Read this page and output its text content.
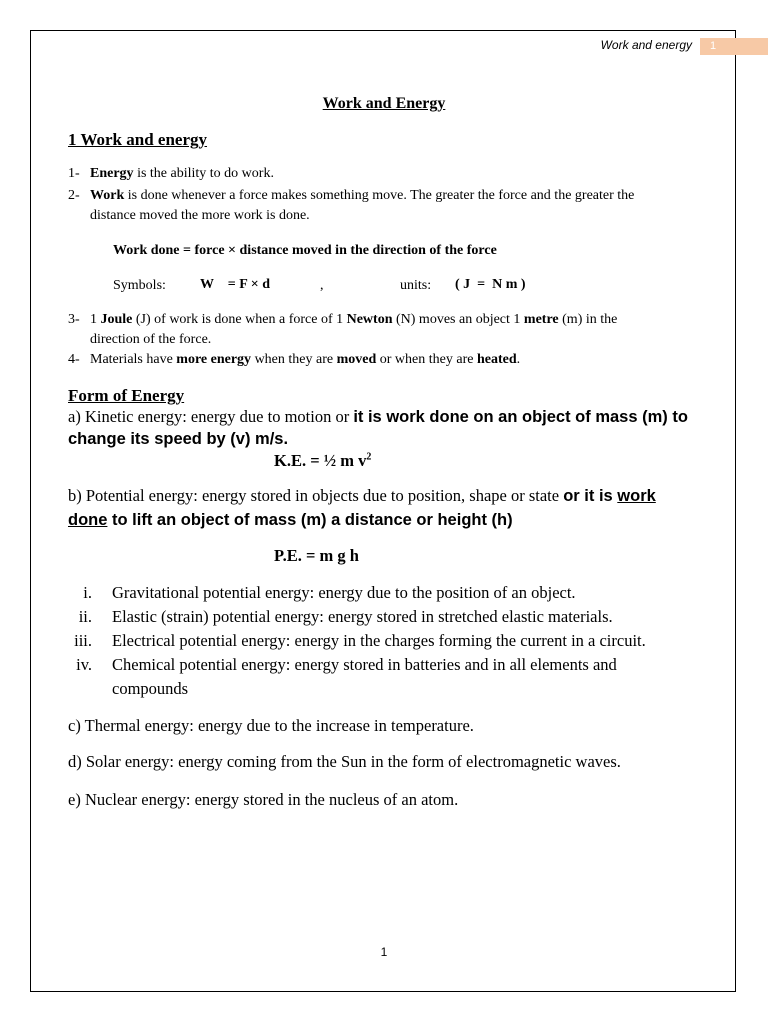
Work and energy	1
Work and Energy
1 Work and energy
1- Energy is the ability to do work.
2- Work is done whenever a force makes something move. The greater the force and the greater the
distance moved the more work is done.
Work done = force × distance moved in the direction of the force
Symbols: W    = F × d	,	units: ( J  =  N m )
3- 1 Joule (J) of work is done when a force of 1 Newton (N) moves an object 1 metre (m) in the
direction of the force.
4- Materials have more energy when they are moved or when they are heated.
Form of Energy
a) Kinetic energy: energy due to motion or it is work done on an object of mass (m) to
change its speed by (v) m/s.
K.E. = ½ m $v^2$
b) Potential energy: energy stored in objects due to position, shape or state or it is work
done to lift an object of mass (m) a distance or height (h)
P.E. = m g h
i. Gravitational potential energy: energy due to the position of an object.
ii. Elastic (strain) potential energy: energy stored in stretched elastic materials.
iii. Electrical potential energy: energy in the charges forming the current in a circuit.
iv. Chemical potential energy: energy stored in batteries and in all elements and
compounds
c) Thermal energy: energy due to the increase in temperature.
d) Solar energy: energy coming from the Sun in the form of electromagnetic waves.
e) Nuclear energy: energy stored in the nucleus of an atom.
1
